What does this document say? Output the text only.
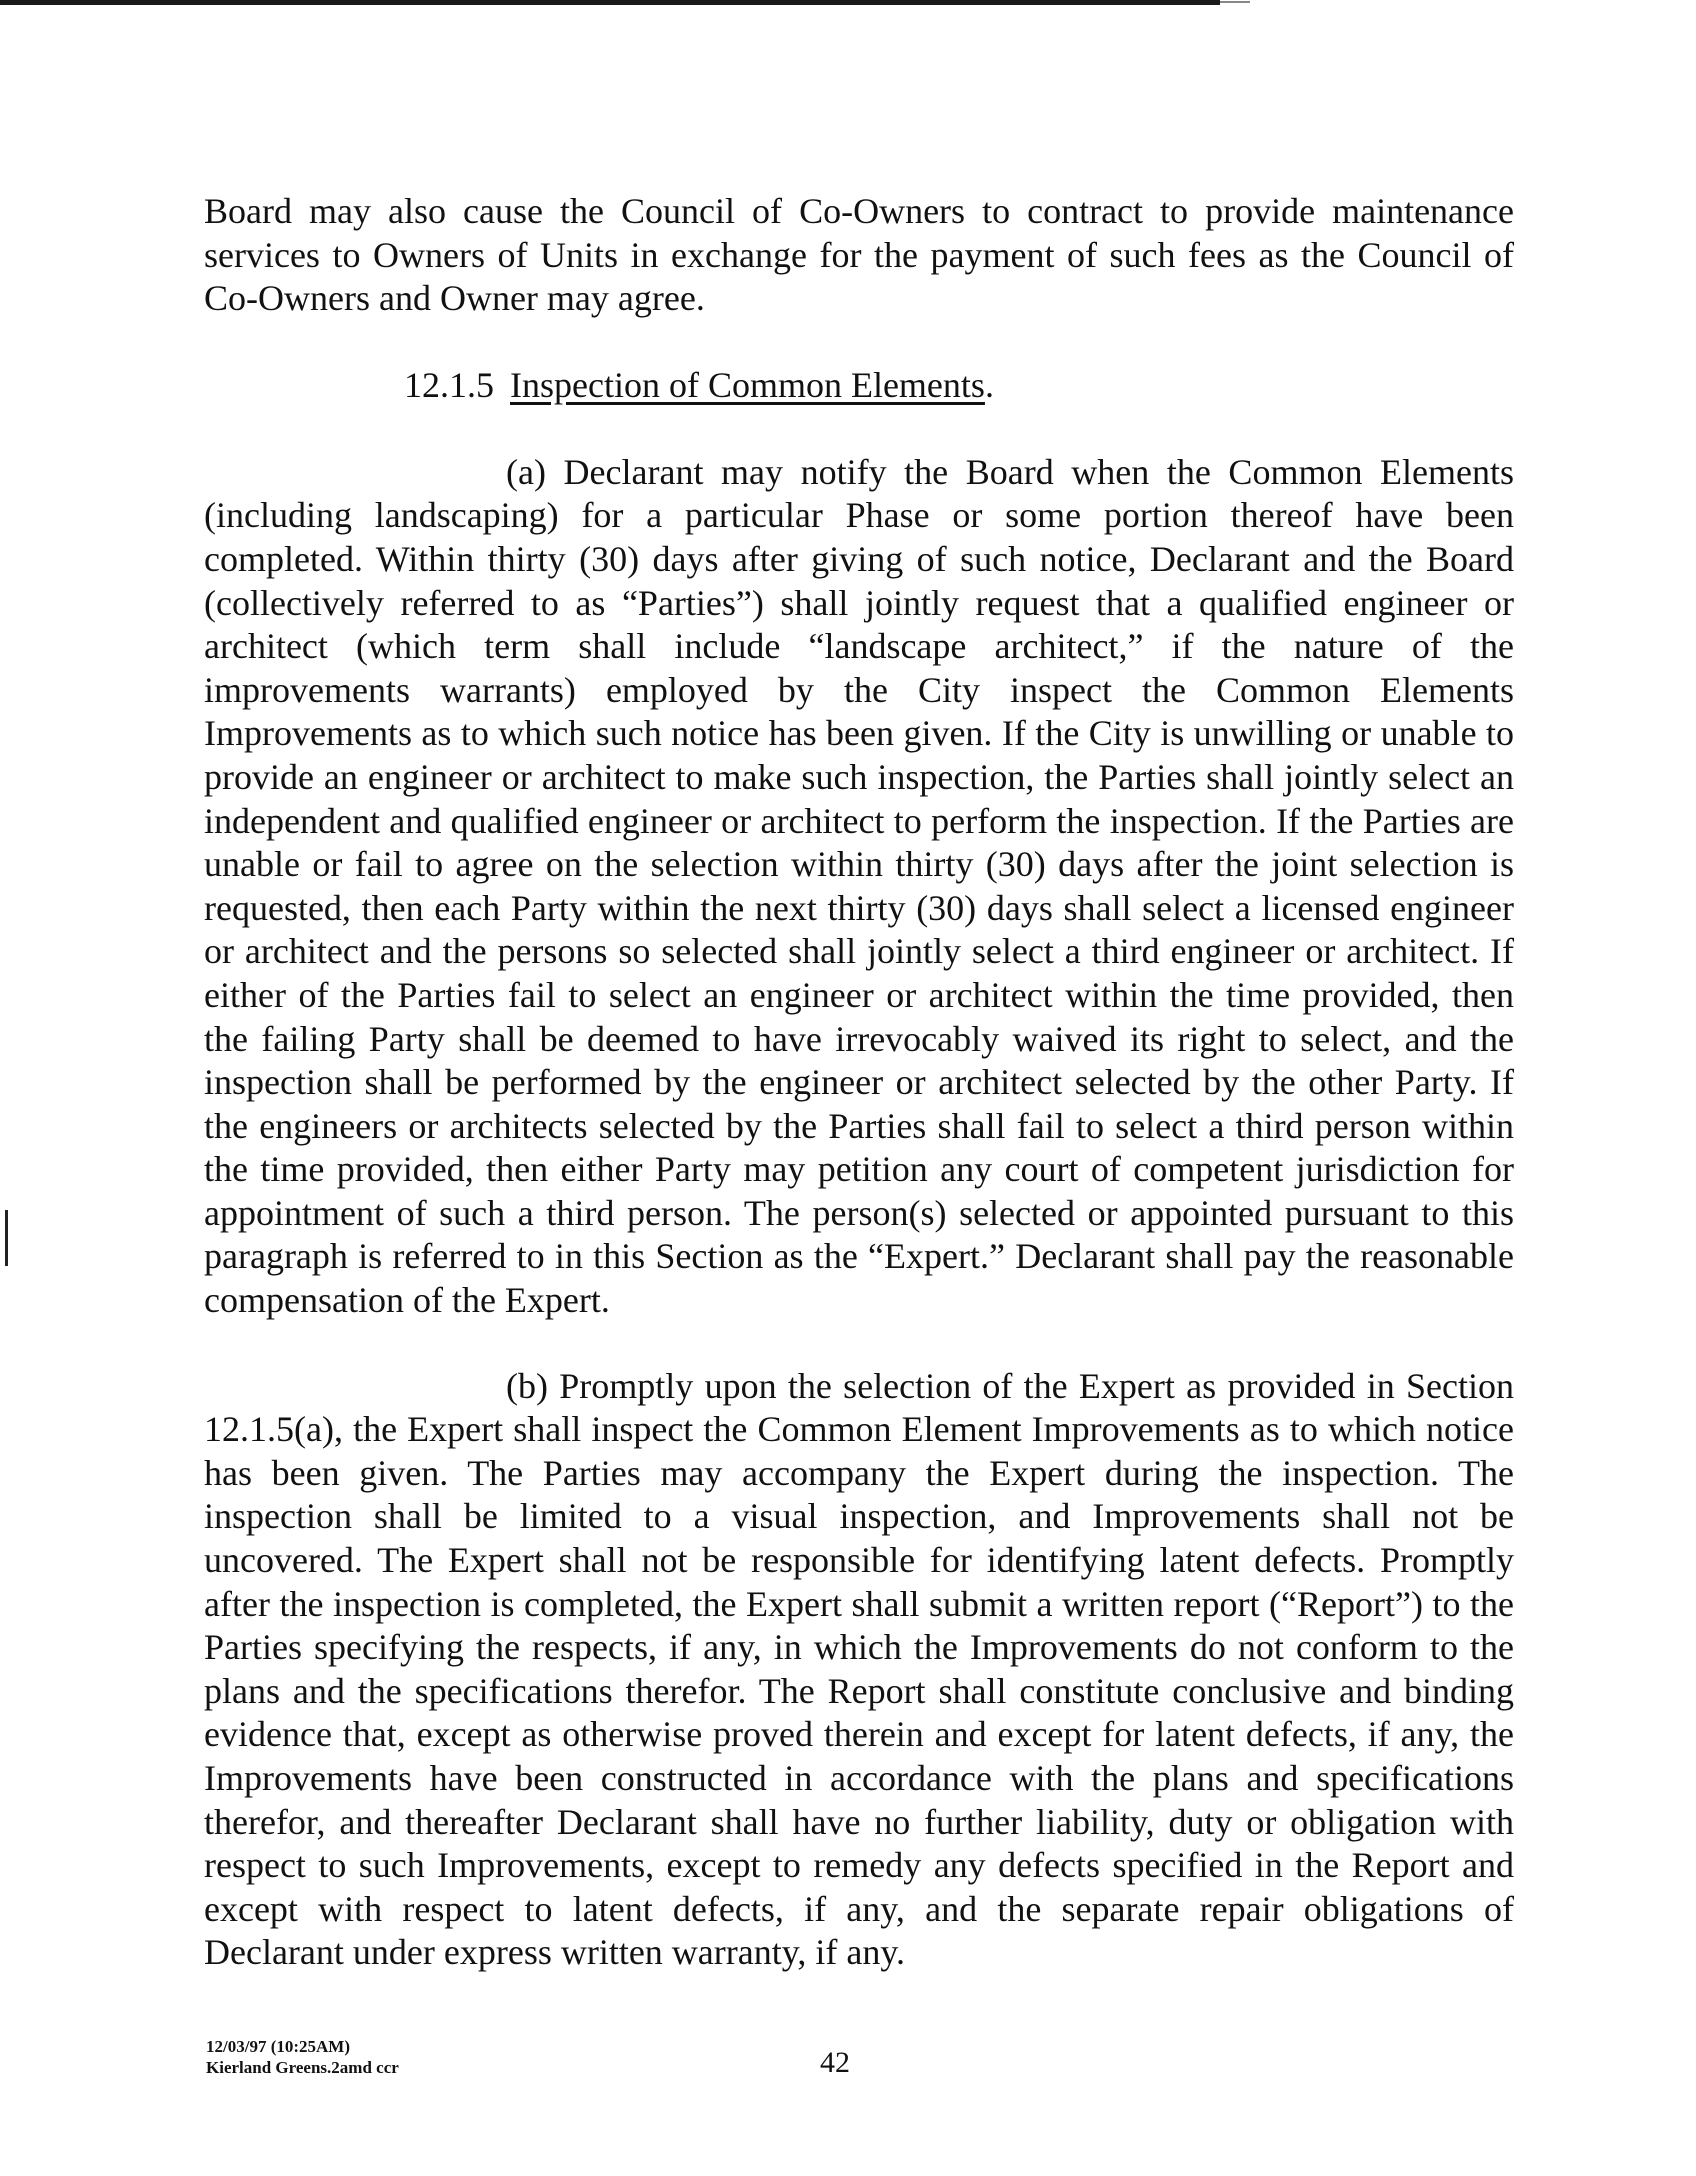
Board may also cause the Council of Co-Owners to contract to provide maintenance services to Owners of Units in exchange for the payment of such fees as the Council of Co-Owners and Owner may agree.

12.1.5 Inspection of Common Elements.

(a) Declarant may notify the Board when the Common Elements (including landscaping) for a particular Phase or some portion thereof have been completed. Within thirty (30) days after giving of such notice, Declarant and the Board (collectively referred to as “Parties”) shall jointly request that a qualified engineer or architect (which term shall include “landscape architect,” if the nature of the improvements warrants) employed by the City inspect the Common Elements Improvements as to which such notice has been given. If the City is unwilling or unable to provide an engineer or architect to make such inspection, the Parties shall jointly select an independent and qualified engineer or architect to perform the inspection. If the Parties are unable or fail to agree on the selection within thirty (30) days after the joint selection is requested, then each Party within the next thirty (30) days shall select a licensed engineer or architect and the persons so selected shall jointly select a third engineer or architect. If either of the Parties fail to select an engineer or architect within the time provided, then the failing Party shall be deemed to have irrevocably waived its right to select, and the inspection shall be performed by the engineer or architect selected by the other Party. If the engineers or architects selected by the Parties shall fail to select a third person within the time provided, then either Party may petition any court of competent jurisdiction for appointment of such a third person. The person(s) selected or appointed pursuant to this paragraph is referred to in this Section as the “Expert.” Declarant shall pay the reasonable compensation of the Expert.

(b) Promptly upon the selection of the Expert as provided in Section 12.1.5(a), the Expert shall inspect the Common Element Improvements as to which notice has been given. The Parties may accompany the Expert during the inspection. The inspection shall be limited to a visual inspection, and Improvements shall not be uncovered. The Expert shall not be responsible for identifying latent defects. Promptly after the inspection is completed, the Expert shall submit a written report (“Report”) to the Parties specifying the respects, if any, in which the Improvements do not conform to the plans and the specifications therefor. The Report shall constitute conclusive and binding evidence that, except as otherwise proved therein and except for latent defects, if any, the Improvements have been constructed in accordance with the plans and specifications therefor, and thereafter Declarant shall have no further liability, duty or obligation with respect to such Improvements, except to remedy any defects specified in the Report and except with respect to latent defects, if any, and the separate repair obligations of Declarant under express written warranty, if any.

12/03/97 (10:25AM)
Kierland Greens.2amd ccr	42
